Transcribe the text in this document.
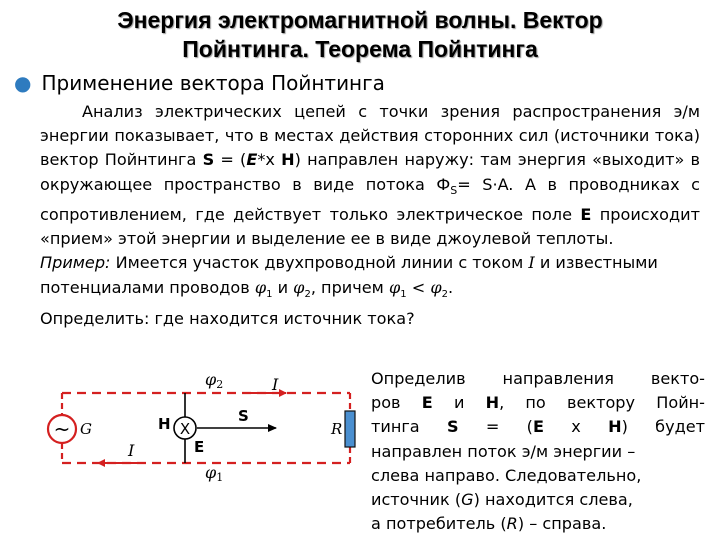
Энергия электромагнитной волны. Вектор
Пойнтинга. Теорема Пойнтинга
● Применение вектора Пойнтинга

Анализ электрических цепей с точки зрения распространения э/м энергии показывает, что в местах действия сторонних сил (источники тока) вектор Пойнтинга S = (E*x H) направлен наружу: там энергия «выходит» в окружающее пространство в виде потока $Ф_S= S\cdot A$. А в проводниках с сопротивлением, где действует только электрическое поле E происходит «прием» этой энергии и выделение ее в виде джоулевой теплоты.

Пример: Имеется участок двухпроводной линии с током I и известными потенциалами проводов $\varphi_1$ и $\varphi_2$, причем $\varphi_1 < \varphi_2$.

Определить: где находится источник тока?

Определив направления векто-
ров E и H, по вектору Пойн-
тинга S = (E x H) будет
направлен поток э/м энергии –
слева направо. Следовательно,
источник (G) находится слева,
а потребитель (R) – справа.
~ G	R
X
H
E
S
φ2	I
I
φ1
